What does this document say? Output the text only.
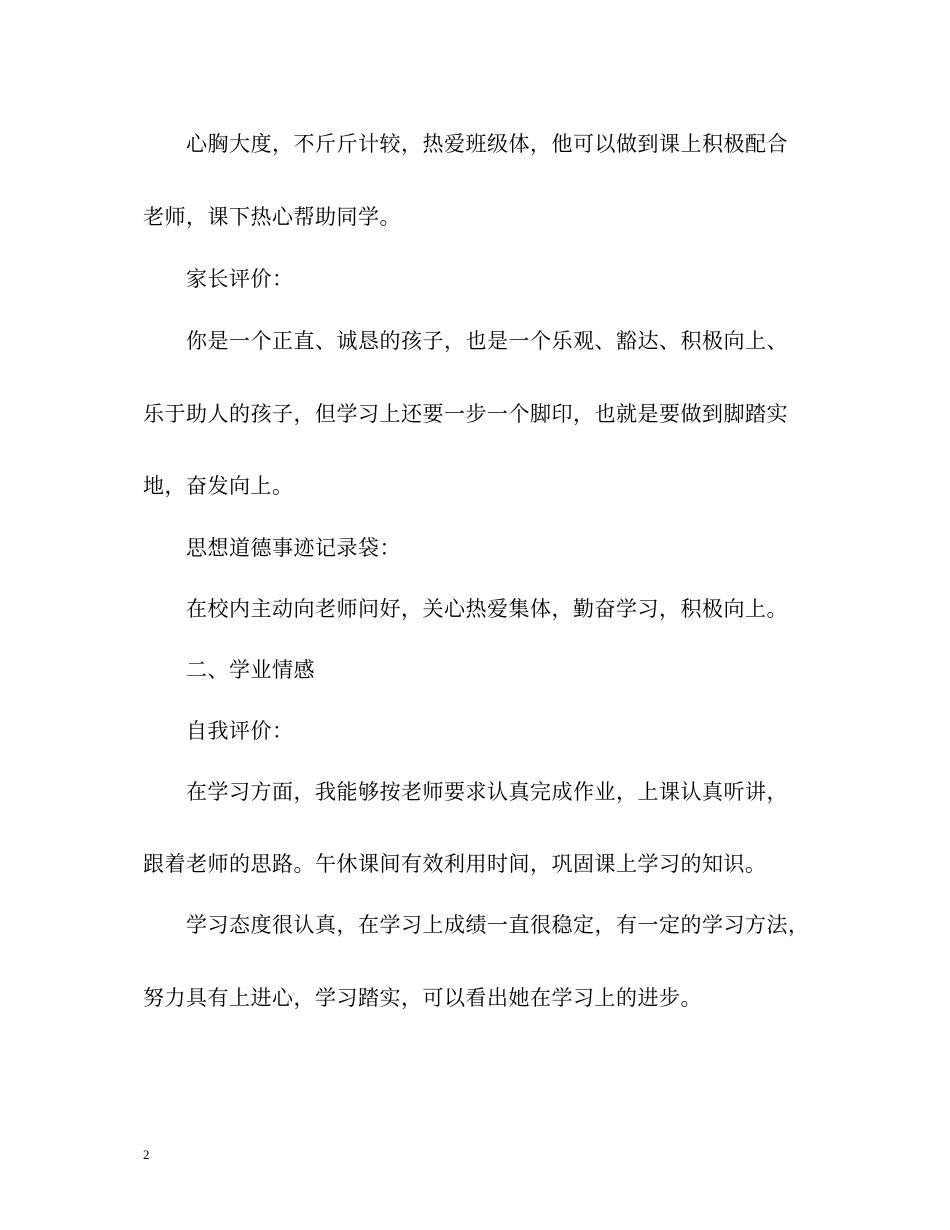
心胸大度，不斤斤计较，热爱班级体，他可以做到课上积极配合
老师，课下热心帮助同学。
家长评价：
你是一个正直、诚恳的孩子，也是一个乐观、豁达、积极向上、
乐于助人的孩子，但学习上还要一步一个脚印，也就是要做到脚踏实
地，奋发向上。
思想道德事迹记录袋：
在校内主动向老师问好，关心热爱集体，勤奋学习，积极向上。
二、学业情感
自我评价：
在学习方面，我能够按老师要求认真完成作业，上课认真听讲，
跟着老师的思路。午休课间有效利用时间，巩固课上学习的知识。
学习态度很认真，在学习上成绩一直很稳定，有一定的学习方法，
努力具有上进心，学习踏实，可以看出她在学习上的进步。
2
